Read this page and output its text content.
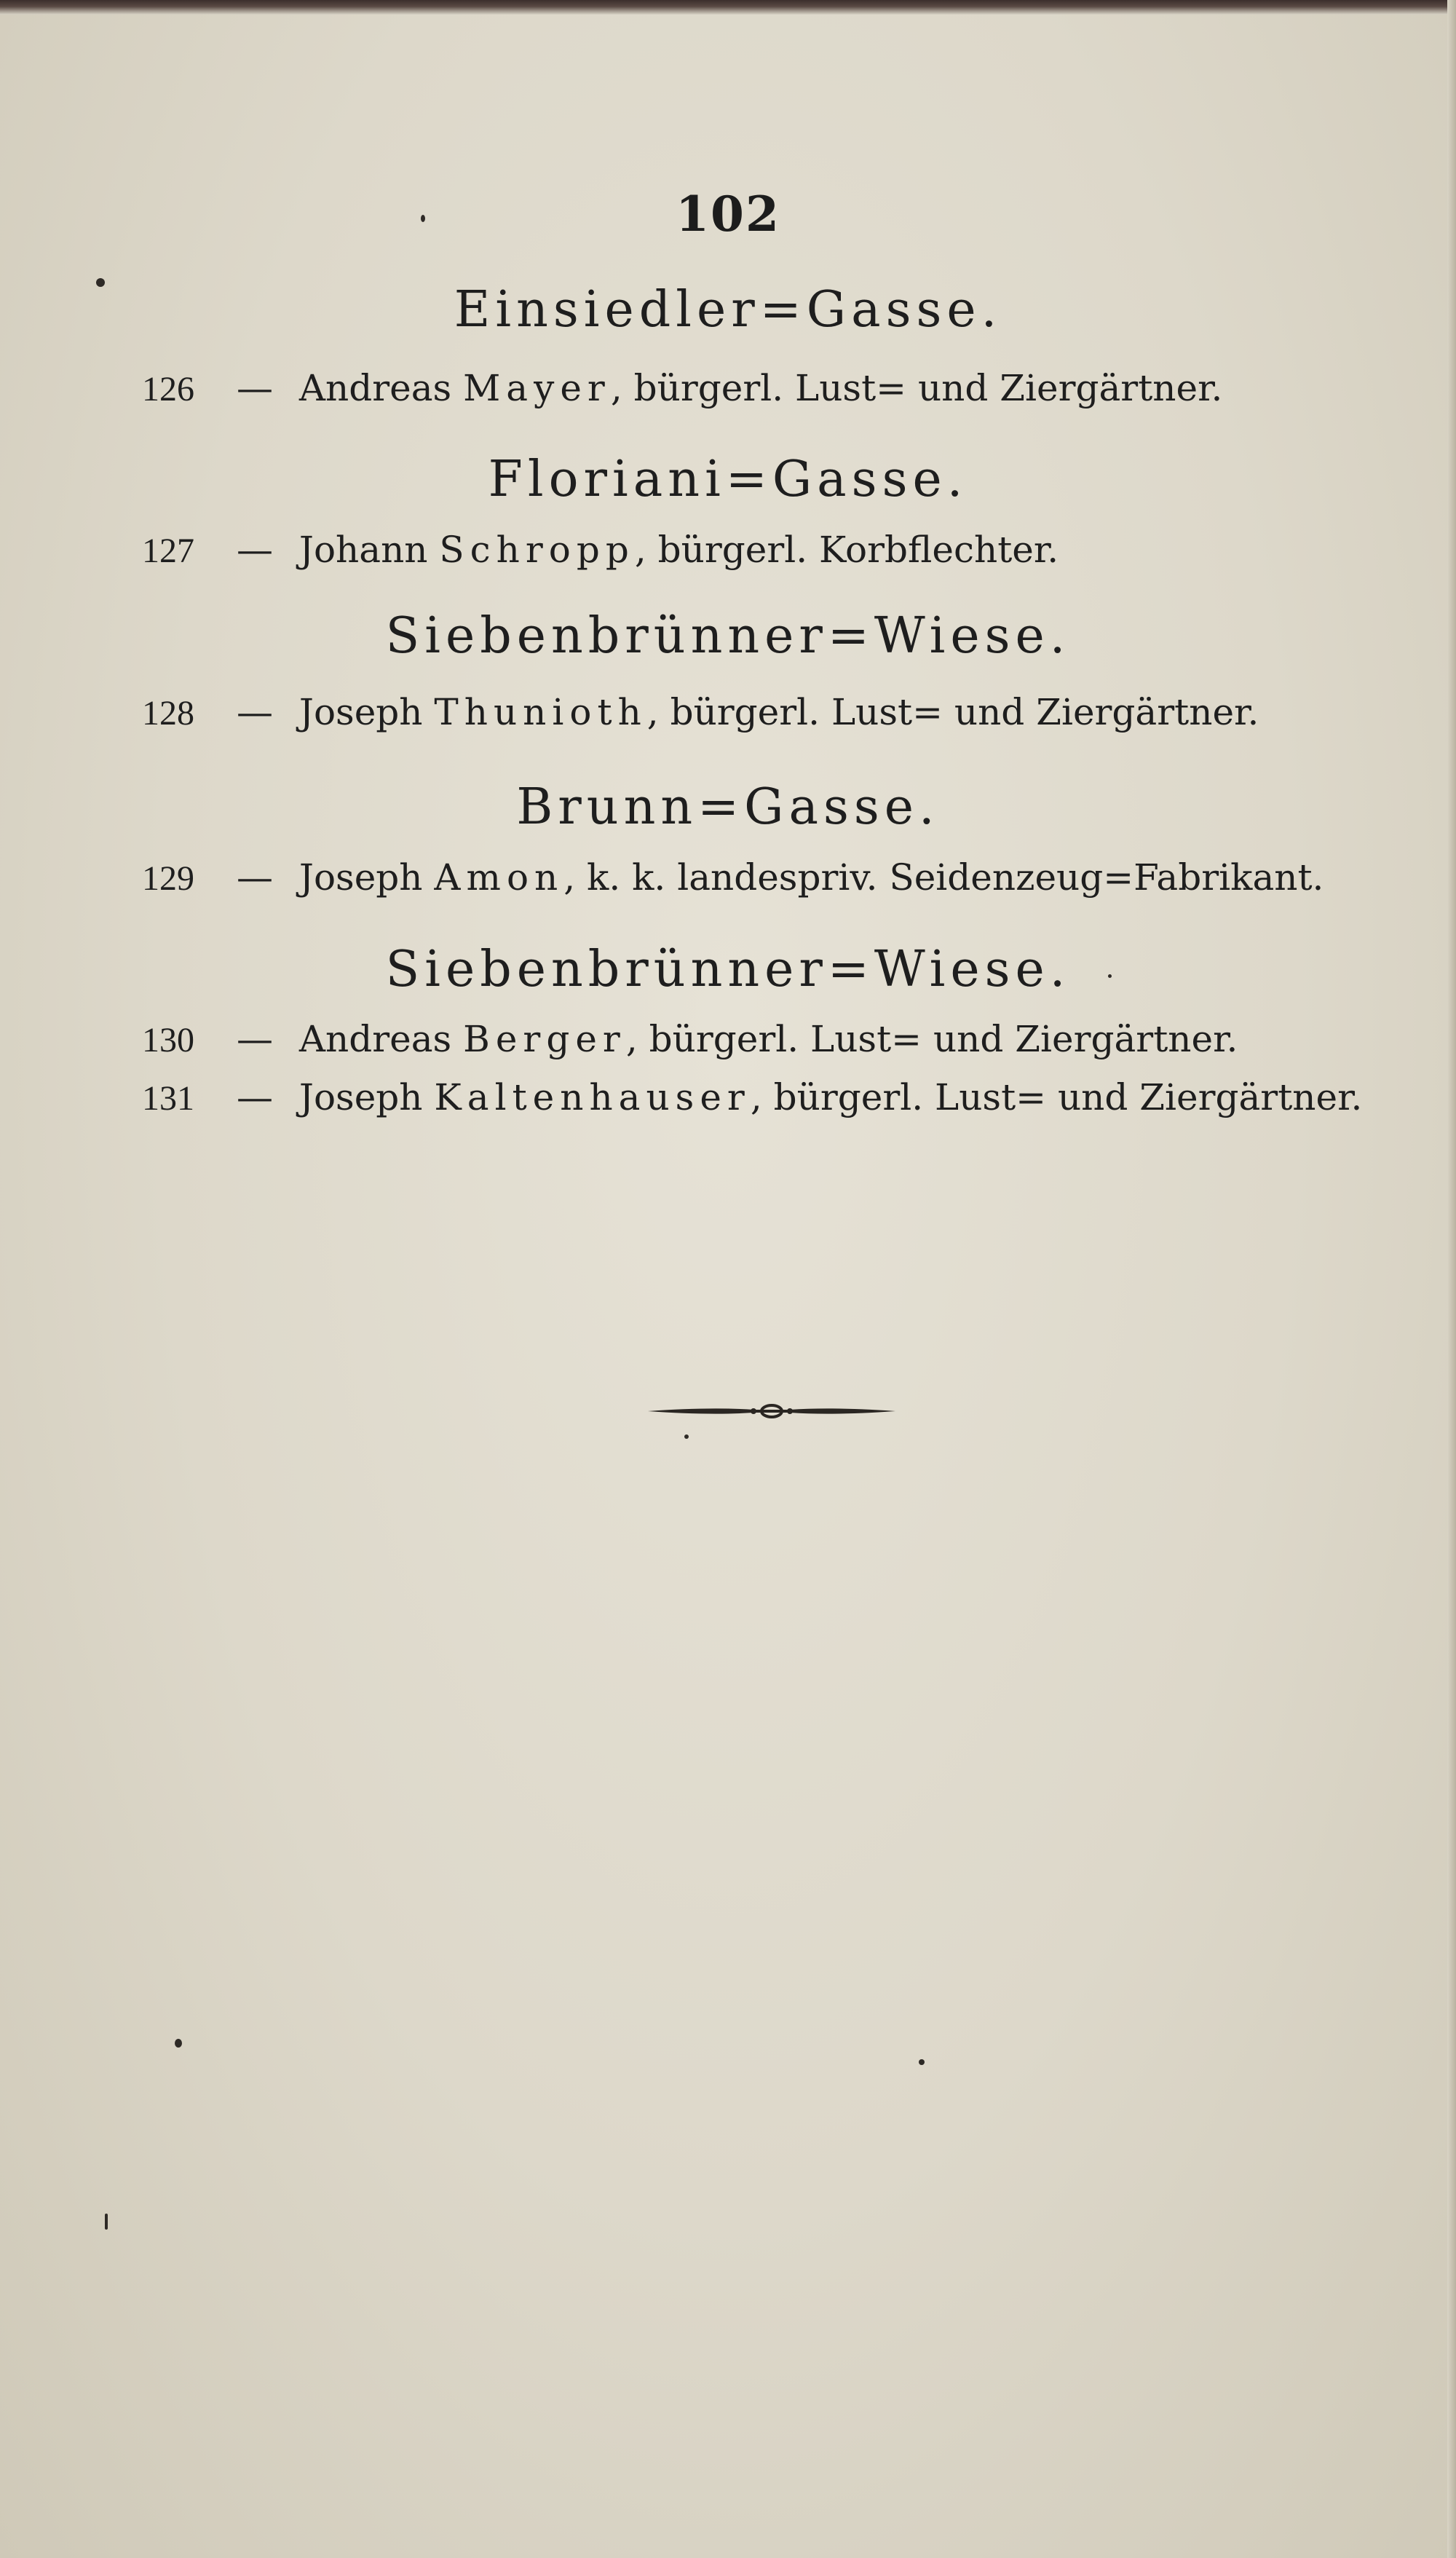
102
Einsiedler=Gasse.
126 — Andreas Mayer, bürgerl. Lust= und Ziergärtner.
Floriani=Gasse.
127 — Johann Schropp, bürgerl. Korbflechter.
Siebenbrünner=Wiese.
128 — Joseph Thunioth, bürgerl. Lust= und Ziergärtner.
Brunn=Gasse.
129 — Joseph Amon, k. k. landespriv. Seidenzeug=Fabrikant.
Siebenbrünner=Wiese.
130 — Andreas Berger, bürgerl. Lust= und Ziergärtner.
131 — Joseph Kaltenhauser, bürgerl. Lust= und Ziergärtner.
